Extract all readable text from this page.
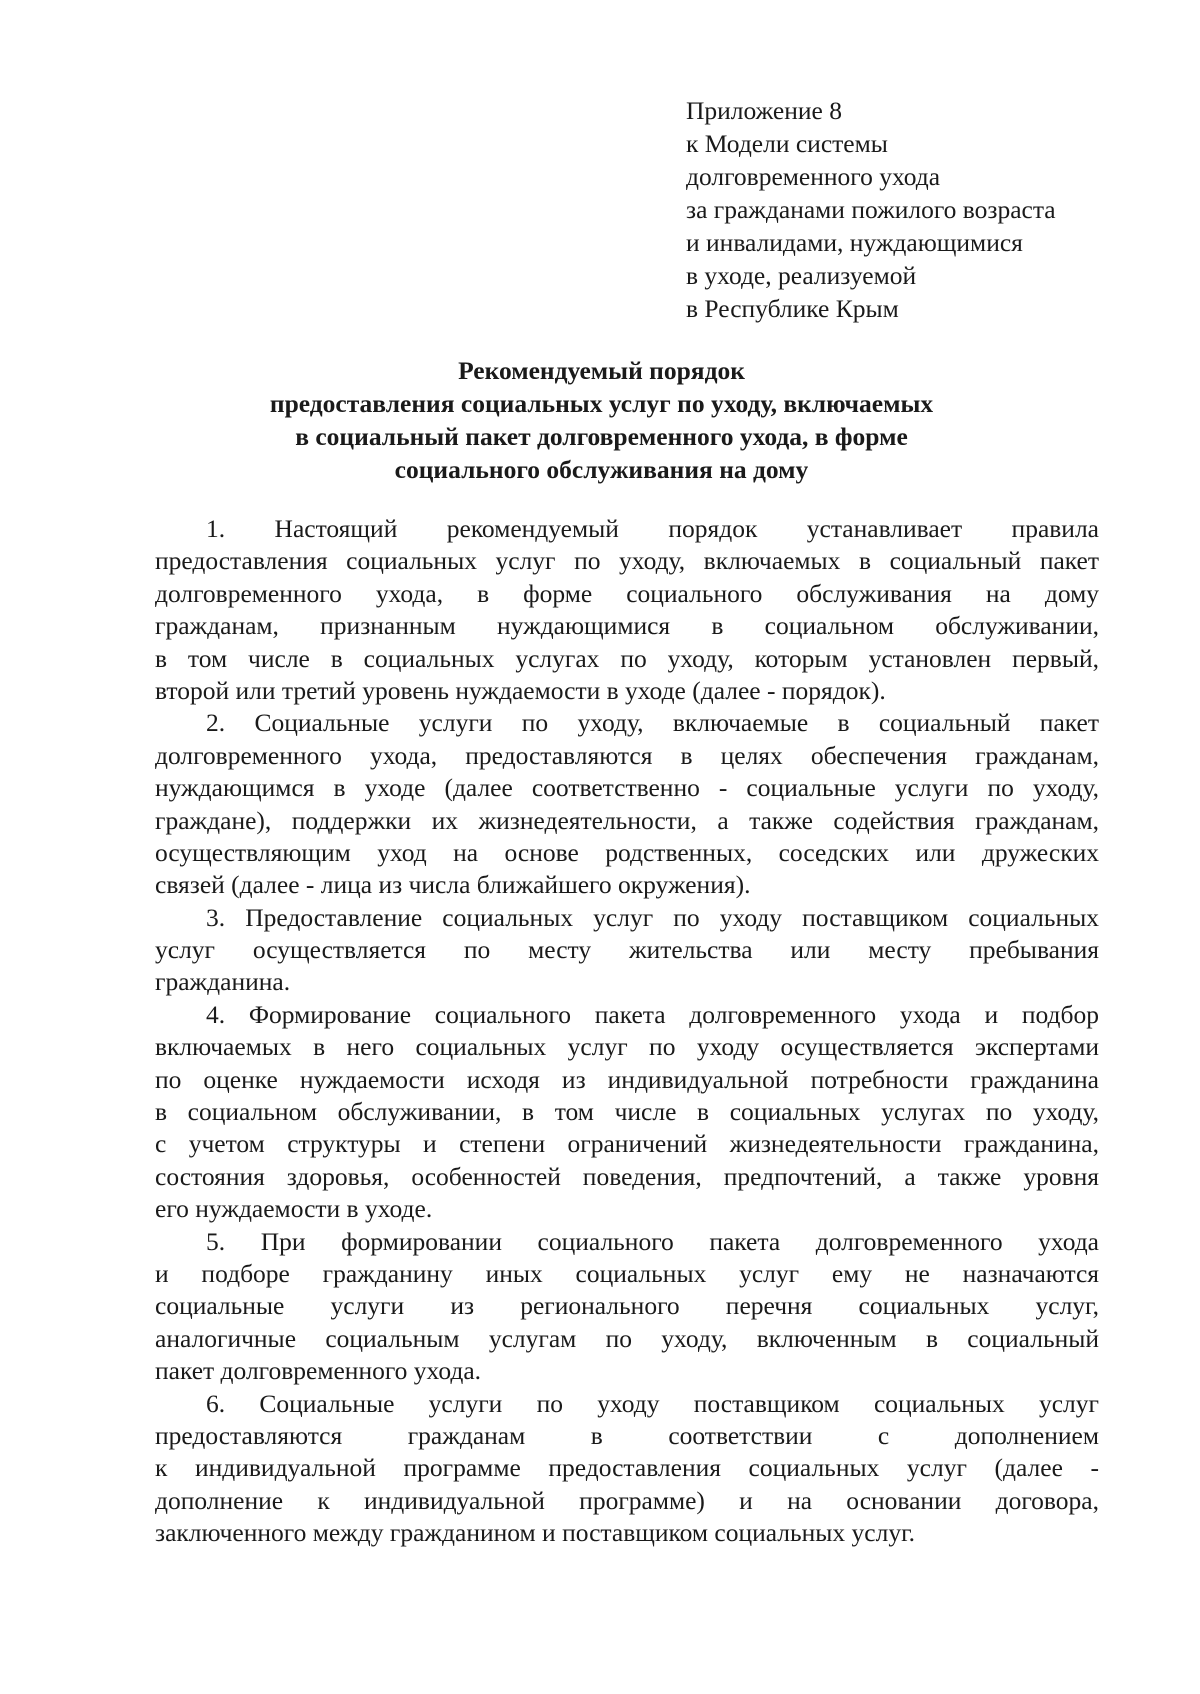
Приложение 8
к Модели системы
долговременного ухода
за гражданами пожилого возраста
и инвалидами, нуждающимися
в уходе, реализуемой
в Республике Крым
Рекомендуемый порядок
предоставления социальных услуг по уходу, включаемых
в социальный пакет долговременного ухода, в форме
социального обслуживания на дому
1. Настоящий рекомендуемый порядок устанавливает правила
предоставления социальных услуг по уходу, включаемых в социальный пакет
долговременного ухода, в форме социального обслуживания на дому
гражданам, признанным нуждающимися в социальном обслуживании,
в том числе в социальных услугах по уходу, которым установлен первый,
второй или третий уровень нуждаемости в уходе (далее - порядок).
2. Социальные услуги по уходу, включаемые в социальный пакет
долговременного ухода, предоставляются в целях обеспечения гражданам,
нуждающимся в уходе (далее соответственно - социальные услуги по уходу,
граждане), поддержки их жизнедеятельности, а также содействия гражданам,
осуществляющим уход на основе родственных, соседских или дружеских
связей (далее - лица из числа ближайшего окружения).
3. Предоставление социальных услуг по уходу поставщиком социальных
услуг осуществляется по месту жительства или месту пребывания
гражданина.
4. Формирование социального пакета долговременного ухода и подбор
включаемых в него социальных услуг по уходу осуществляется экспертами
по оценке нуждаемости исходя из индивидуальной потребности гражданина
в социальном обслуживании, в том числе в социальных услугах по уходу,
с учетом структуры и степени ограничений жизнедеятельности гражданина,
состояния здоровья, особенностей поведения, предпочтений, а также уровня
его нуждаемости в уходе.
5. При формировании социального пакета долговременного ухода
и подборе гражданину иных социальных услуг ему не назначаются
социальные услуги из регионального перечня социальных услуг,
аналогичные социальным услугам по уходу, включенным в социальный
пакет долговременного ухода.
6. Социальные услуги по уходу поставщиком социальных услуг
предоставляются гражданам в соответствии с дополнением
к индивидуальной программе предоставления социальных услуг (далее -
дополнение к индивидуальной программе) и на основании договора,
заключенного между гражданином и поставщиком социальных услуг.
